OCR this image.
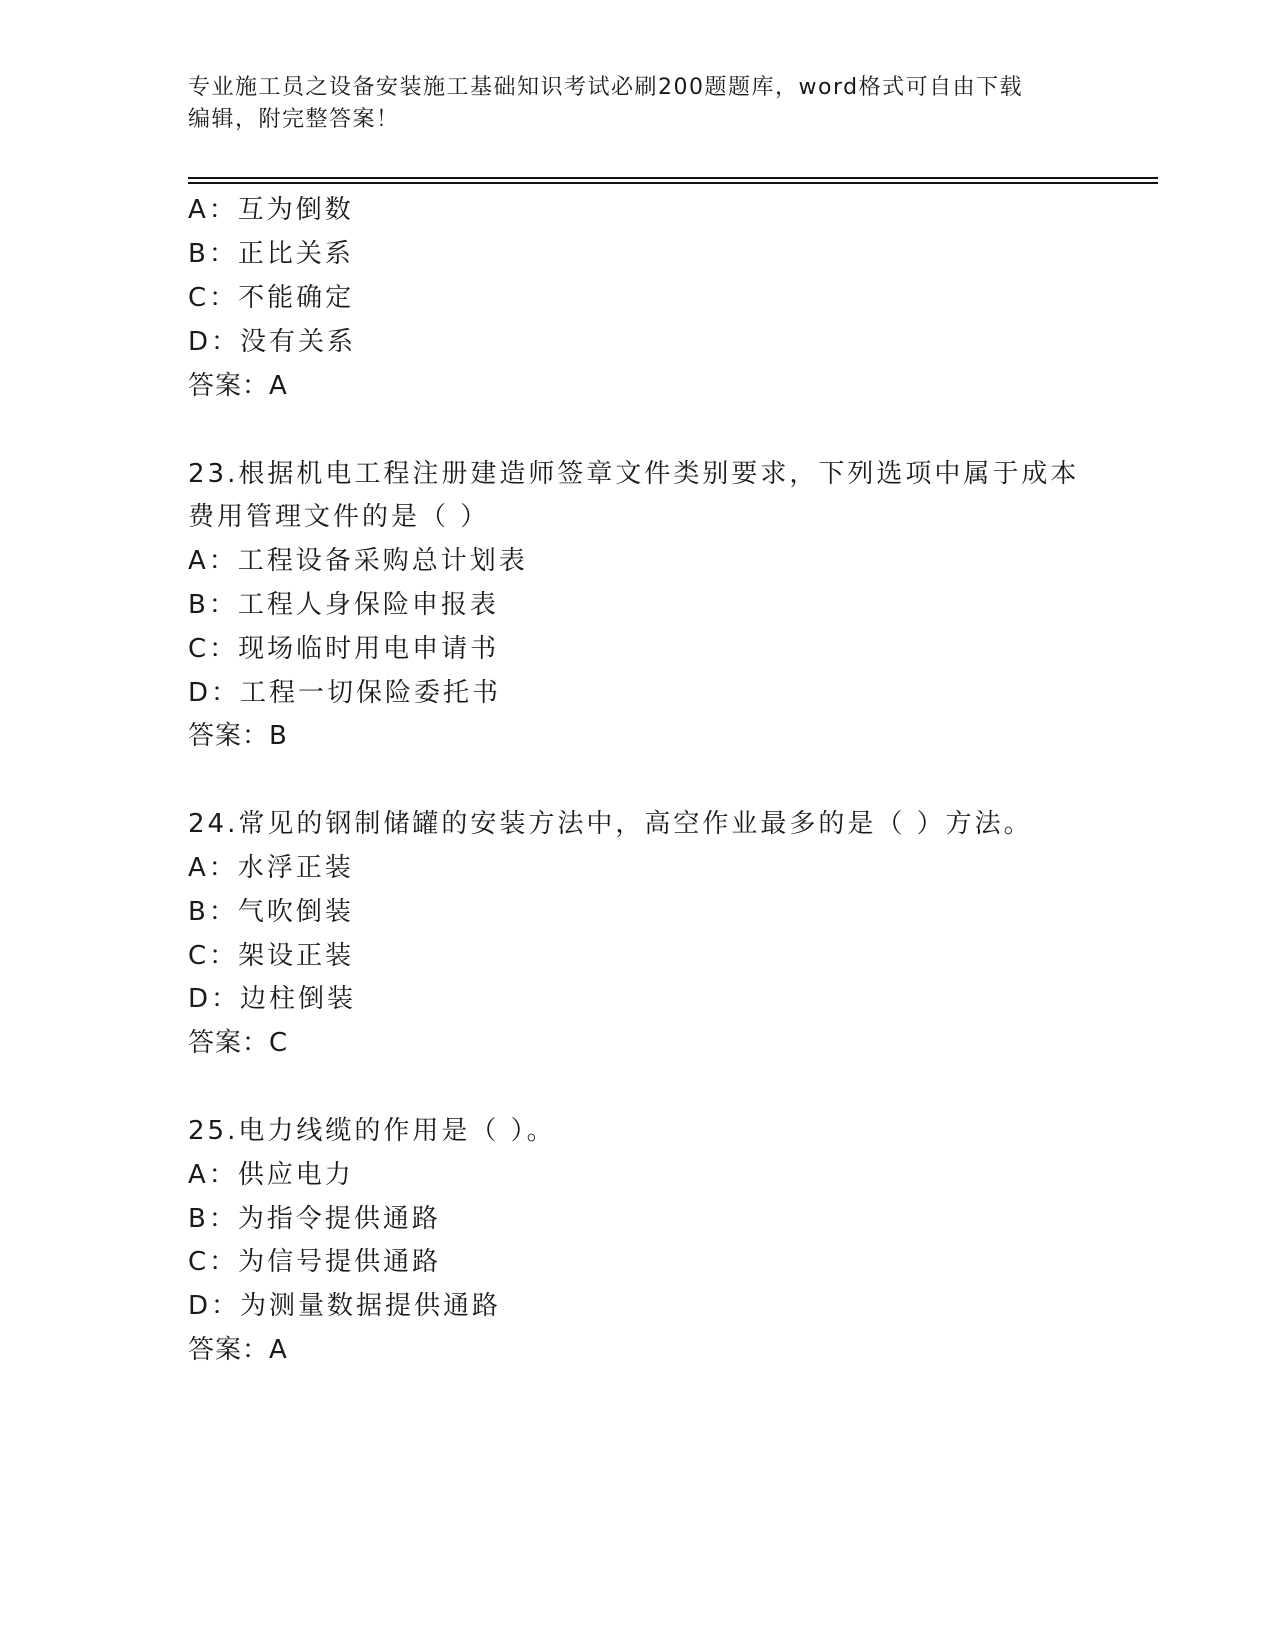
专业施工员之设备安装施工基础知识考试必刷200题题库，word格式可自由下载
编辑，附完整答案！
A：互为倒数
B：正比关系
C：不能确定
D：没有关系
答案：A
23.根据机电工程注册建造师签章文件类别要求，下列选项中属于成本
费用管理文件的是（ ）
A：工程设备采购总计划表
B：工程人身保险申报表
C：现场临时用电申请书
D：工程一切保险委托书
答案：B
24.常见的钢制储罐的安装方法中，高空作业最多的是（ ）方法。
A：水浮正装
B：气吹倒装
C：架设正装
D：边柱倒装
答案：C
25.电力线缆的作用是（ ）。
A：供应电力
B：为指令提供通路
C：为信号提供通路
D：为测量数据提供通路
答案：A
